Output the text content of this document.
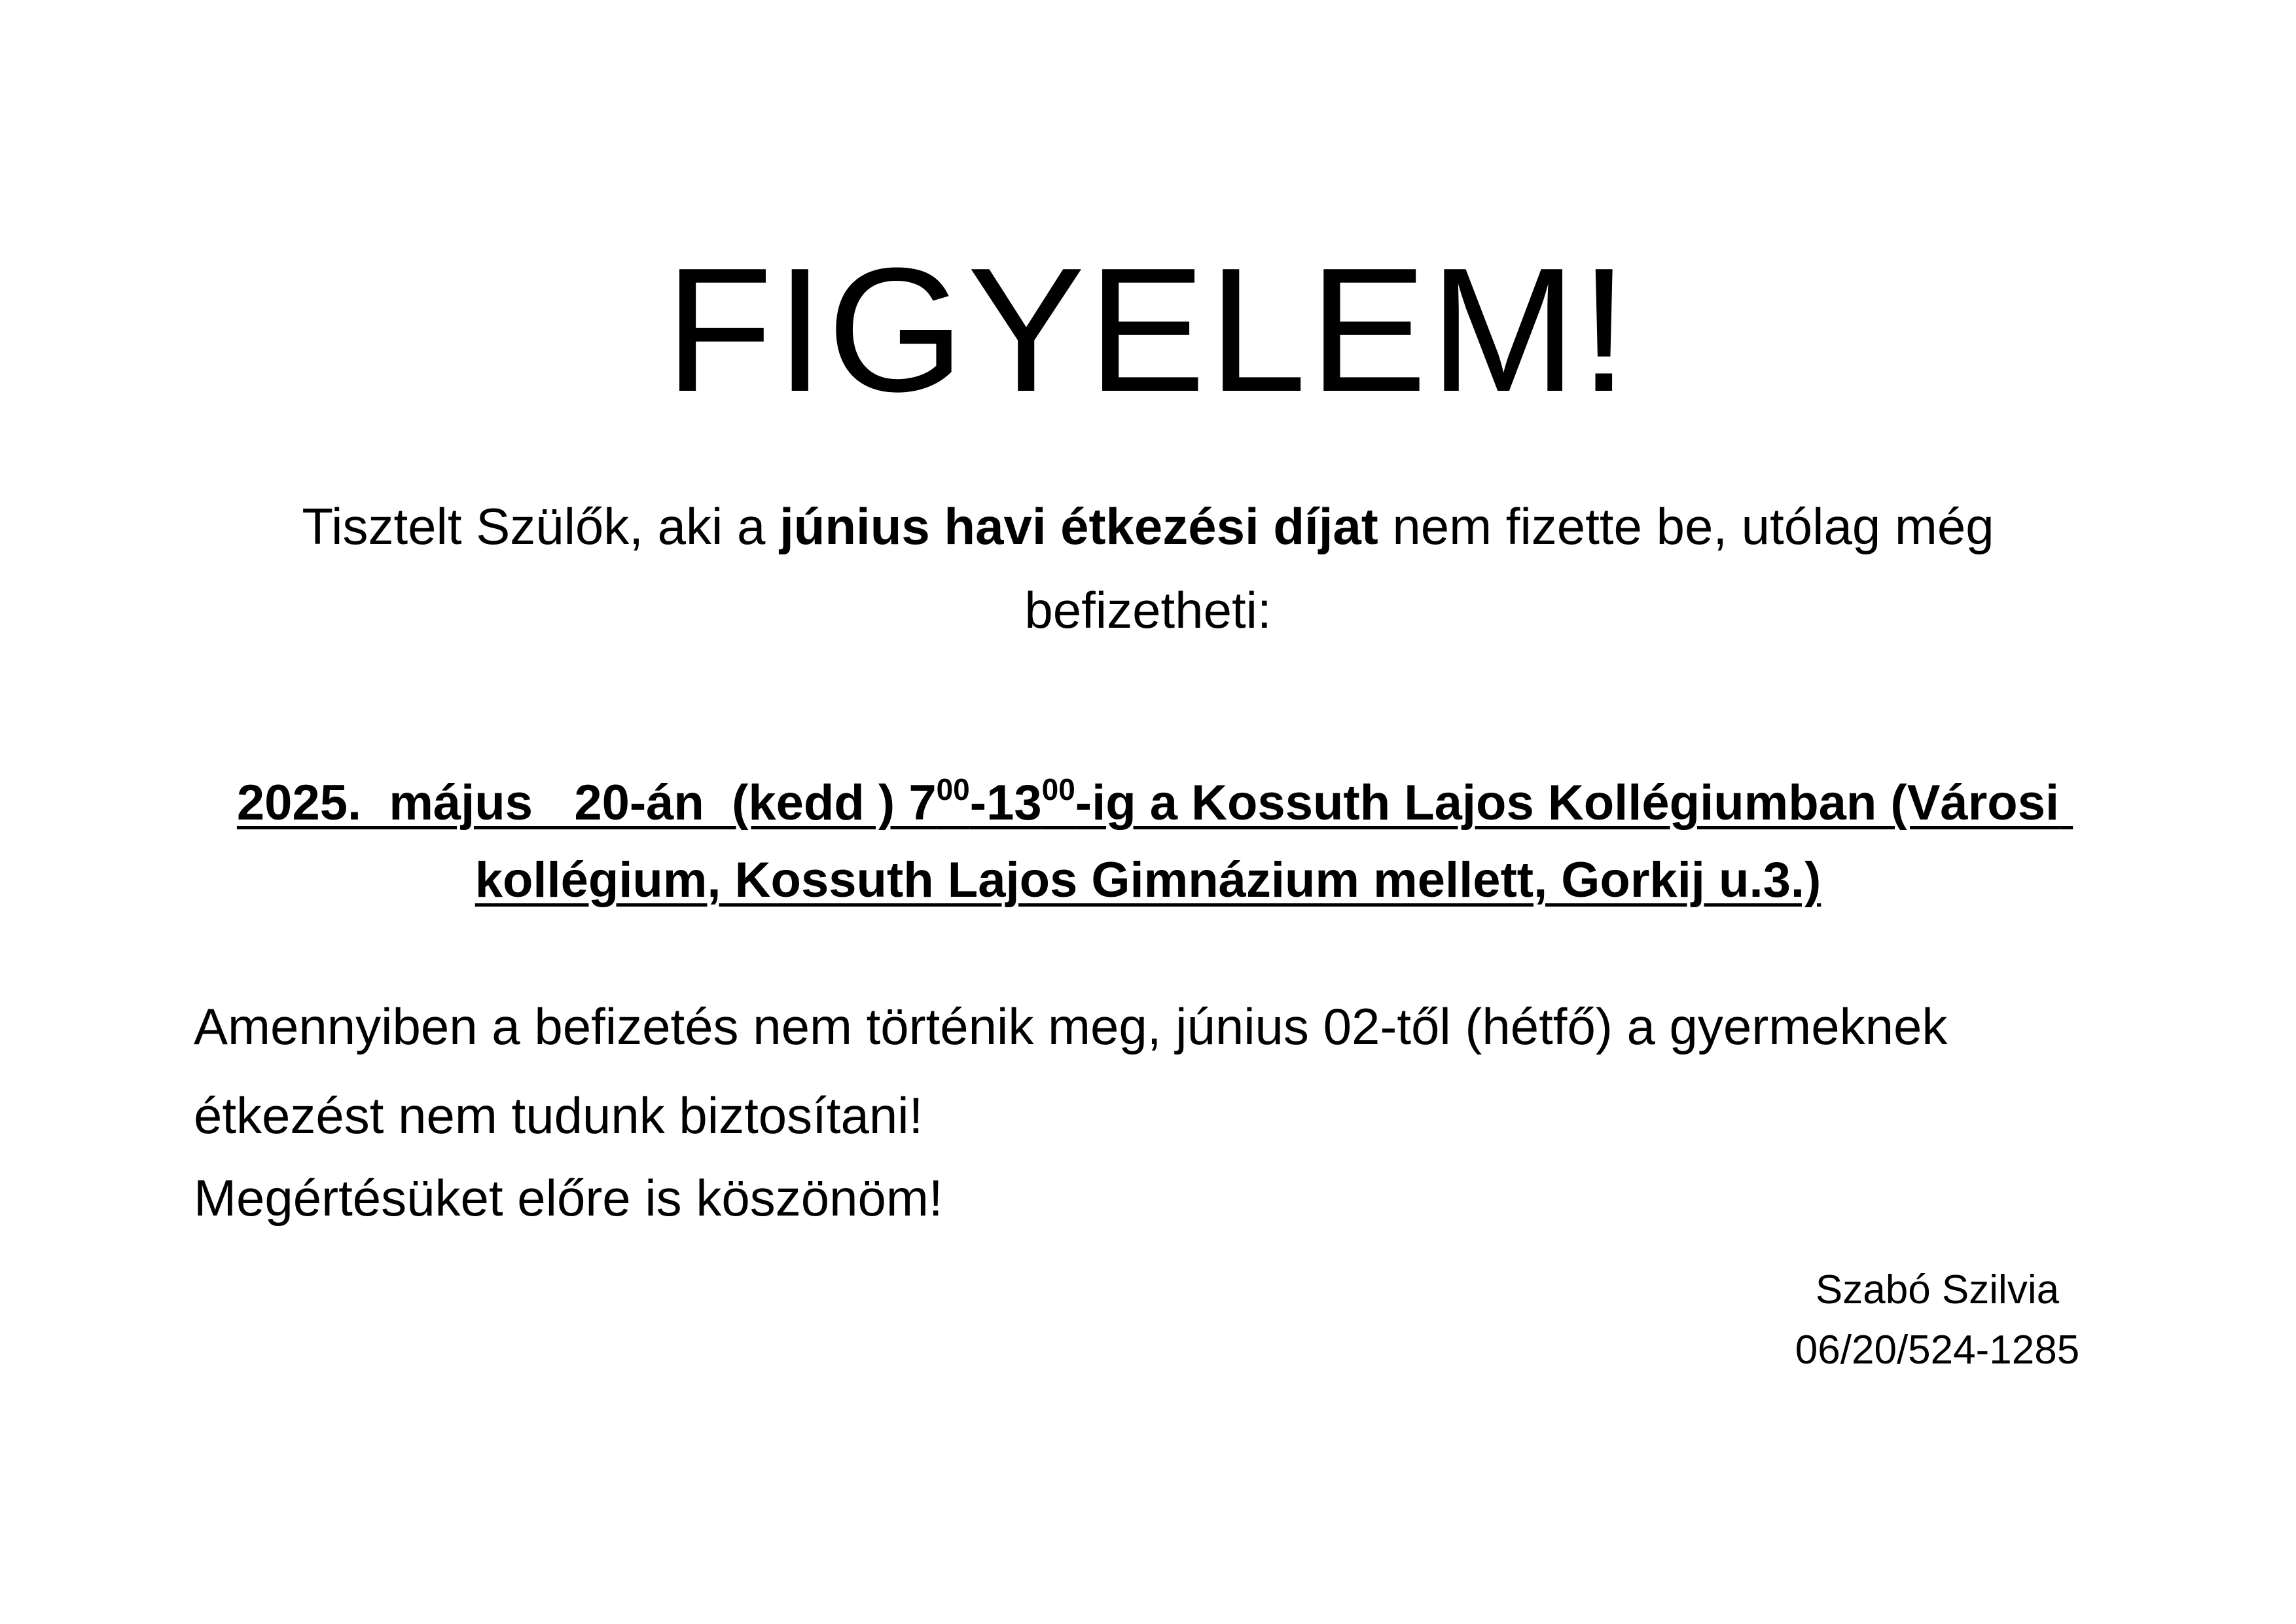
FIGYELEM!
Tisztelt Szülők, aki a június havi étkezési díjat nem fizette be, utólag még befizetheti:
2025.  május   20-án  (kedd ) $7^{00}-13^{00}-ig$ a Kossuth Lajos Kollégiumban (Városi kollégium, Kossuth Lajos Gimnázium mellett, Gorkij u.3.)
Amennyiben a befizetés nem történik meg, június 02-től (hétfő) a gyermeknek étkezést nem tudunk biztosítani!
Megértésüket előre is köszönöm!
Szabó Szilvia
06/20/524-1285
